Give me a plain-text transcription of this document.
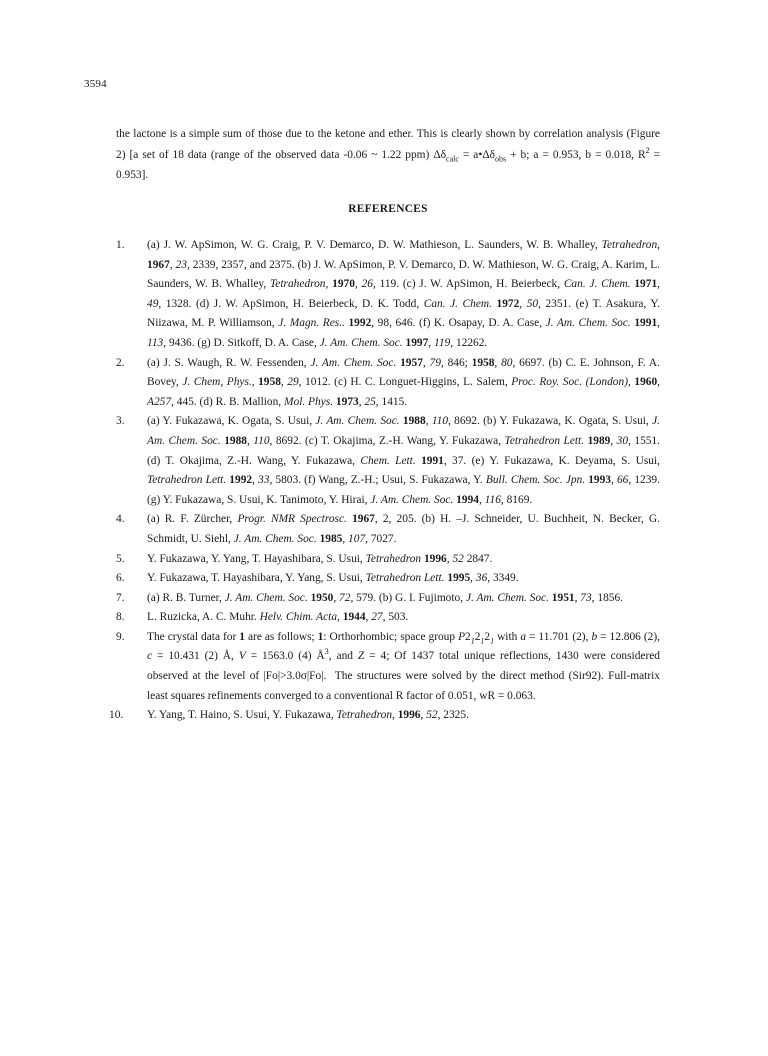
3594

the lactone is a simple sum of those due to the ketone and ether. This is clearly shown by correlation analysis (Figure 2) [a set of 18 data (range of the observed data -0.06 ~ 1.22 ppm) $\Delta\delta_{calc}$ = $a•\Delta\delta_{obs} + b$; a = 0.953, b = 0.018, $R^2 = 0.953$].

REFERENCES
1. (a) J. W. ApSimon, W. G. Craig, P. V. Demarco, D. W. Mathieson, L. Saunders, W. B. Whalley, Tetrahedron, 1967, 23, 2339, 2357, and 2375. (b) J. W. ApSimon, P. V. Demarco, D. W. Mathieson, W. G. Craig, A. Karim, L. Saunders, W. B. Whalley, Tetrahedron, 1970, 26, 119. (c) J. W. ApSimon, H. Beierbeck, Can. J. Chem. 1971, 49, 1328. (d) J. W. ApSimon, H. Beierbeck, D. K. Todd, Can. J. Chem. 1972, 50, 2351. (e) T. Asakura, Y. Niizawa, M. P. Williamson, J. Magn. Res.. 1992, 98, 646. (f) K. Osapay, D. A. Case, J. Am. Chem. Soc. 1991, 113, 9436. (g) D. Sitkoff, D. A. Case, J. Am. Chem. Soc. 1997, 119, 12262.
2. (a) J. S. Waugh, R. W. Fessenden, J. Am. Chem. Soc. 1957, 79, 846; 1958, 80, 6697. (b) C. E. Johnson, F. A. Bovey, J. Chem, Phys., 1958, 29, 1012. (c) H. C. Longuet-Higgins, L. Salem, Proc. Roy. Soc. (London), 1960, A257, 445. (d) R. B. Mallion, Mol. Phys. 1973, 25, 1415.
3. (a) Y. Fukazawa, K. Ogata, S. Usui, J. Am. Chem. Soc. 1988, 110, 8692. (b) Y. Fukazawa, K. Ogata, S. Usui, J. Am. Chem. Soc. 1988, 110, 8692. (c) T. Okajima, Z.-H. Wang, Y. Fukazawa, Tetrahedron Lett. 1989, 30, 1551. (d) T. Okajima, Z.-H. Wang, Y. Fukazawa, Chem. Lett. 1991, 37. (e) Y. Fukazawa, K. Deyama, S. Usui, Tetrahedron Lett. 1992, 33, 5803. (f) Wang, Z.-H.; Usui, S. Fukazawa, Y. Bull. Chem. Soc. Jpn. 1993, 66, 1239. (g) Y. Fukazawa, S. Usui, K. Tanimoto, Y. Hirai, J. Am. Chem. Soc. 1994, 116, 8169.
4. (a) R. F. Zürcher, Progr. NMR Spectrosc. 1967, 2, 205. (b) H. –J. Schneider, U. Buchheit, N. Becker, G. Schmidt, U. Siehl, J. Am. Chem. Soc. 1985, 107, 7027.
5. Y. Fukazawa, Y. Yang, T. Hayashibara, S. Usui, Tetrahedron 1996, 52 2847.
6. Y. Fukazawa, T. Hayashibara, Y. Yang, S. Usui, Tetrahedron Lett. 1995, 36, 3349.
7. (a) R. B. Turner, J. Am. Chem. Soc. 1950, 72, 579. (b) G. I. Fujimoto, J. Am. Chem. Soc. 1951, 73, 1856.
8. L. Ruzicka, A. C. Muhr. Helv. Chim. Acta, 1944, 27, 503.
9. The crystal data for 1 are as follows; 1: Orthorhombic; space group $P2_12_12_1$ with a = 11.701 (2), b = 12.806 (2), c = 10.431 (2) Å, V = 1563.0 (4) $Å^3$, and Z = 4; Of 1437 total unique reflections, 1430 were considered observed at the level of |Fo|>3.0σ|Fo|.  The structures were solved by the direct method (Sir92). Full-matrix least squares refinements converged to a conventional R factor of 0.051, wR = 0.063.
10. Y. Yang, T. Haino, S. Usui, Y. Fukazawa, Tetrahedron, 1996, 52, 2325.
